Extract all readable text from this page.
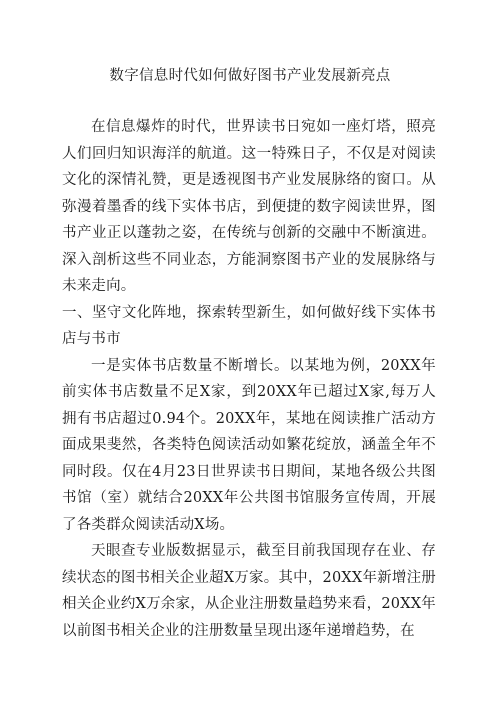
数字信息时代如何做好图书产业发展新亮点

在信息爆炸的时代，世界读书日宛如一座灯塔，照亮人们回归知识海洋的航道。这一特殊日子，不仅是对阅读文化的深情礼赞，更是透视图书产业发展脉络的窗口。从弥漫着墨香的线下实体书店，到便捷的数字阅读世界，图书产业正以蓬勃之姿，在传统与创新的交融中不断演进。深入剖析这些不同业态，方能洞察图书产业的发展脉络与未来走向。

一、坚守文化阵地，探索转型新生，如何做好线下实体书店与书市

一是实体书店数量不断增长。以某地为例，20XX年前实体书店数量不足X家，到20XX年已超过X家,每万人拥有书店超过0.94个。20XX年，某地在阅读推广活动方面成果斐然，各类特色阅读活动如繁花绽放，涵盖全年不同时段。仅在4月23日世界读书日期间，某地各级公共图书馆（室）就结合20XX年公共图书馆服务宣传周，开展了各类群众阅读活动X场。

天眼查专业版数据显示，截至目前我国现存在业、存续状态的图书相关企业超X万家。其中，20XX年新增注册相关企业约X万余家，从企业注册数量趋势来看，20XX年以前图书相关企业的注册数量呈现出逐年递增趋势，在
